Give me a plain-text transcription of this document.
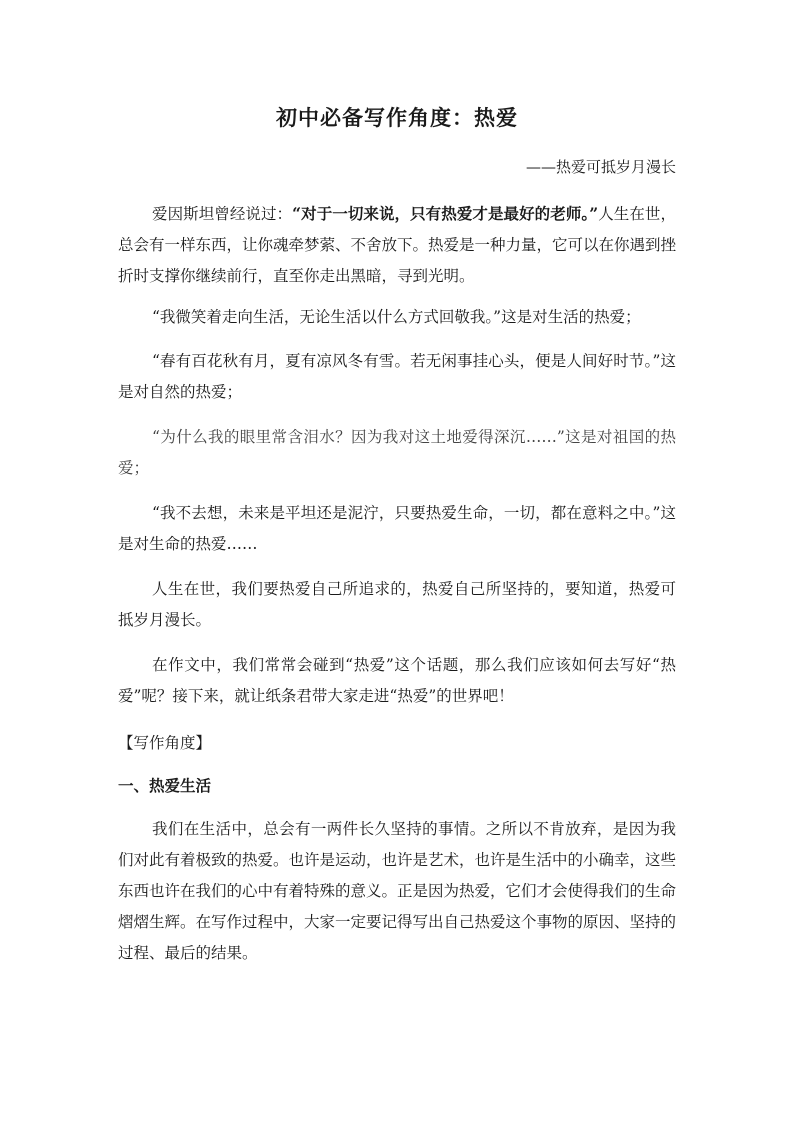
初中必备写作角度：热爱
——热爱可抵岁月漫长

爱因斯坦曾经说过：“对于一切来说，只有热爱才是最好的老师。”人生在世，总会有一样东西，让你魂牵梦萦、不舍放下。热爱是一种力量，它可以在你遇到挫折时支撑你继续前行，直至你走出黑暗，寻到光明。

“我微笑着走向生活，无论生活以什么方式回敬我。”这是对生活的热爱；

“春有百花秋有月，夏有凉风冬有雪。若无闲事挂心头，便是人间好时节。”这是对自然的热爱；

“为什么我的眼里常含泪水？因为我对这土地爱得深沉……”这是对祖国的热爱；

“我不去想，未来是平坦还是泥泞，只要热爱生命，一切，都在意料之中。”这是对生命的热爱……

人生在世，我们要热爱自己所追求的，热爱自己所坚持的，要知道，热爱可抵岁月漫长。

在作文中，我们常常会碰到“热爱”这个话题，那么我们应该如何去写好“热爱”呢？接下来，就让纸条君带大家走进“热爱”的世界吧！

【写作角度】
一、热爱生活

我们在生活中，总会有一两件长久坚持的事情。之所以不肯放弃，是因为我们对此有着极致的热爱。也许是运动，也许是艺术，也许是生活中的小确幸，这些东西也许在我们的心中有着特殊的意义。正是因为热爱，它们才会使得我们的生命熠熠生辉。在写作过程中，大家一定要记得写出自己热爱这个事物的原因、坚持的过程、最后的结果。
